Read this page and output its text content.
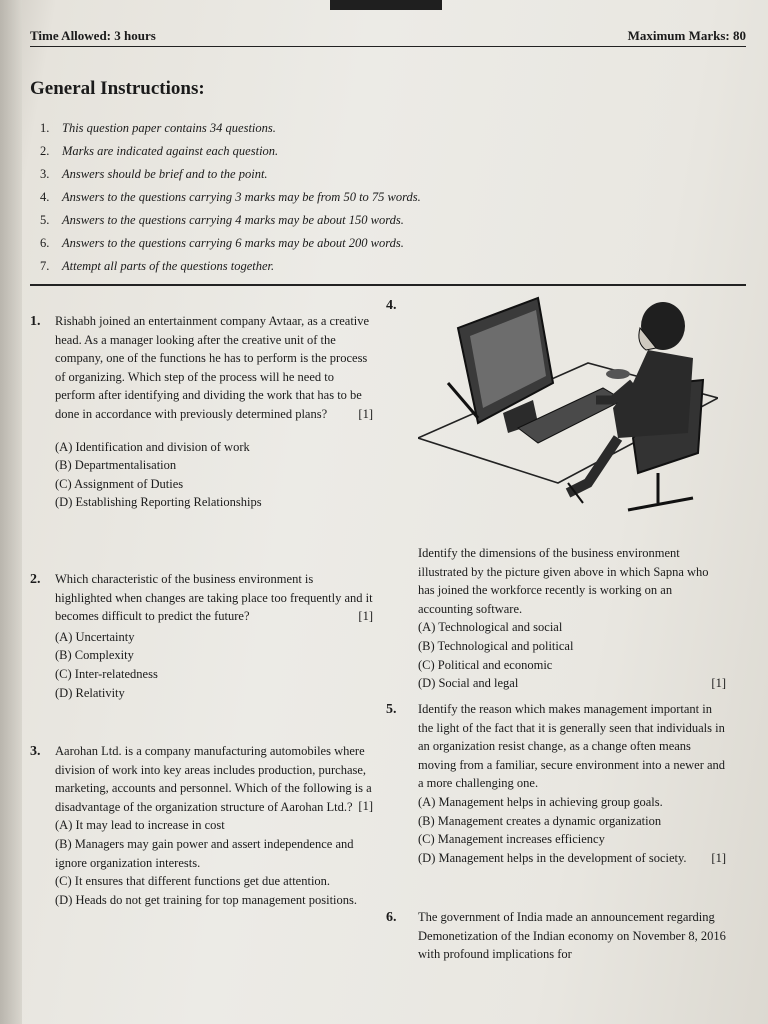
Time Allowed: 3 hours	Maximum Marks: 80
General Instructions:
1. This question paper contains 34 questions.
2. Marks are indicated against each question.
3. Answers should be brief and to the point.
4. Answers to the questions carrying 3 marks may be from 50 to 75 words.
5. Answers to the questions carrying 4 marks may be about 150 words.
6. Answers to the questions carrying 6 marks may be about 200 words.
7. Attempt all parts of the questions together.
1. Rishabh joined an entertainment company Avtaar, as a creative head. As a manager looking after the creative unit of the company, one of the functions he has to perform is the process of organizing. Which step of the process will he need to perform after identifying and dividing the work that has to be done in accordance with previously determined plans?	[1]
(A) Identification and division of work
(B) Departmentalisation
(C) Assignment of Duties
(D) Establishing Reporting Relationships
2. Which characteristic of the business environment is highlighted when changes are taking place too frequently and it becomes difficult to predict the future?	[1]
(A) Uncertainty
(B) Complexity
(C) Inter-relatedness
(D) Relativity
3. Aarohan Ltd. is a company manufacturing automobiles where division of work into key areas includes production, purchase, marketing, accounts and personnel. Which of the following is a disadvantage of the organization structure of Aarohan Ltd.? [1]
(A) It may lead to increase in cost
(B) Managers may gain power and assert independence and ignore organization interests.
(C) It ensures that different functions get due attention.
(D) Heads do not get training for top management positions.
4.
Identify the dimensions of the business environment illustrated by the picture given above in which Sapna who has joined the workforce recently is working on an accounting software.
(A) Technological and social
(B) Technological and political
(C) Political and economic
(D) Social and legal	[1]
5. Identify the reason which makes management important in the light of the fact that it is generally seen that individuals in an organization resist change, as a change often means moving from a familiar, secure environment into a newer and a more challenging one.
(A) Management helps in achieving group goals.
(B) Management creates a dynamic organization
(C) Management increases efficiency
(D) Management helps in the development of society. [1]
6. The government of India made an announcement regarding Demonetization of the Indian economy on November 8, 2016 with profound implications for
